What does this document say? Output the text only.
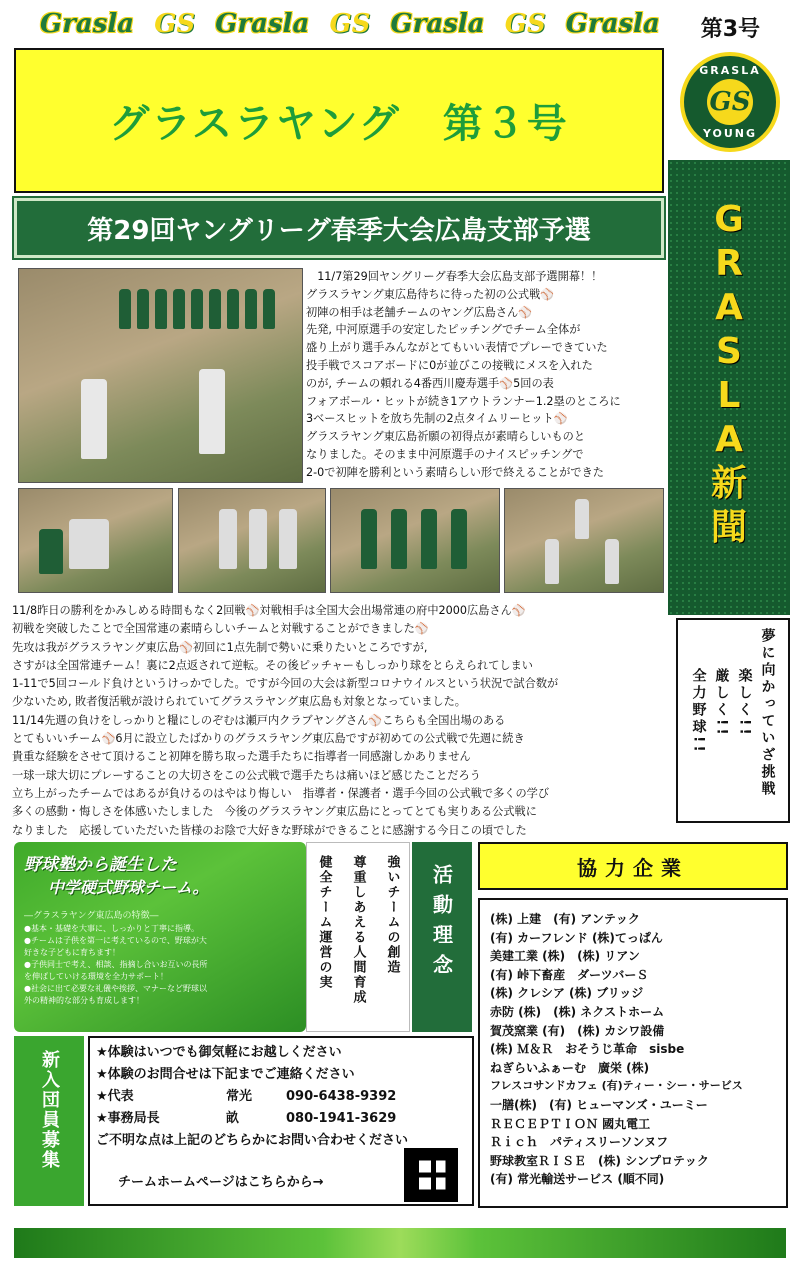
Grasla GS Grasla GS Grasla GS Grasla 第3号
グラスラヤング　第３号
GRASLA
GS
YOUNG
第29回ヤングリーグ春季大会広島支部予選	G
R
A
S
L
A
新
聞
　11/7第29回ヤングリーグ春季大会広島支部予選開幕！！
グラスラヤング東広島待ちに待った初の公式戦⚾
初陣の相手は老舗チームのヤング広島さん⚾
先発, 中河原選手の安定したピッチングでチーム全体が
盛り上がり選手みんながとてもいい表情でプレーできていた
投手戦でスコアボードに0が並びこの接戦にメスを入れた
のが, チームの頼れる4番西川慶寿選手⚾5回の表
フォアボール・ヒットが続き1アウトランナー1.2塁のところに
3ベースヒットを放ち先制の2点タイムリーヒット⚾
グラスラヤング東広島祈願の初得点が素晴らしいものと
なりました。そのまま中河原選手のナイスピッチングで
2-0で初陣を勝利という素晴らしい形で終えることができた
11/8昨日の勝利をかみしめる時間もなく2回戦⚾対戦相手は全国大会出場常連の府中2000広島さん⚾
初戦を突破したことで全国常連の素晴らしいチームと対戦することができました⚾
先攻は我がグラスラヤング東広島⚾初回に1点先制で勢いに乗りたいところですが,
さすがは全国常連チーム！裏に2点返されて逆転。その後ピッチャーもしっかり球をとらえられてしまい
1-11で5回コールド負けというけっかでした。ですが今回の大会は新型コロナウイルスという状況で試合数が
少ないため, 敗者復活戦が設けられていてグラスラヤング東広島も対象となっていました。
11/14先週の負けをしっかりと糧にしのぞむは瀬戸内クラブヤングさん⚾こちらも全国出場のある
とてもいいチーム⚾6月に設立したばかりのグラスラヤング東広島ですが初めての公式戦で先週に続き
貴重な経験をさせて頂けること初陣を勝ち取った選手たちに指導者一同感謝しかありません
一球一球大切にプレーすることの大切さをこの公式戦で選手たちは痛いほど感じたことだろう
立ち上がったチームではあるが負けるのはやはり悔しい　指導者・保護者・選手今回の公式戦で多くの学び
多くの感動・悔しさを体感いたしました　今後のグラスラヤング東広島にとってとても実りある公式戦に
なりました　応援していただいた皆様のお陰で大好きな野球ができることに感謝する今日この頃でした
夢に向かっていざ挑戦
楽しく!!
厳しく!!
全力野球!!
野球塾から誕生した
中学硬式野球チーム。
―グラスラヤング東広島の特徴―
●基本・基礎を大事に、しっかりと丁寧に指導。
●チームは子供を第一に考えているので、野球が大好きな子どもに育ちます！
●子供同士で考え、相談、指摘し合いお互いの長所を伸ばしていける環境を全力サポート！
●社会に出て必要な礼儀や挨拶、マナーなど野球以外の精神的な部分も育成します！
強いチームの創造
尊重しあえる人間育成
健全チーム運営の実	活動理念	協力企業
(株) 上建　(有) アンテック
(有) カーフレンド (株)てっぱん
美建工業 (株)　(株) リアン
(有) 峠下畜産　ダーツバーＳ
(株) クレシア (株) ブリッジ
赤防 (株)　(株) ネクストホーム
賀茂窯業 (有)　(株) カシワ設備
(株) Ｍ＆Ｒ　おそうじ革命　sisbe
ねぎらいふぁーむ　廣栄 (株)
フレスコサンドカフェ (有)ティー・シー・サービス
一膳(株)　(有) ヒューマンズ・ユーミー
ＲＥＣＥＰＴＩＯＮ 國丸電工
Ｒｉｃｈ　パティスリーソンヌフ
野球教室ＲＩＳＥ　(株) シンプロテック
(有) 常光輸送サービス (順不同)
新入団員募集	★体験はいつでも御気軽にお越しください
★体験のお問合せは下記までご連絡ください
★代表	常光	090-6438-9392
★事務局長	畝	080-1941-3629
ご不明な点は上記のどちらかにお問い合わせください
チームホームページはこちらから→
